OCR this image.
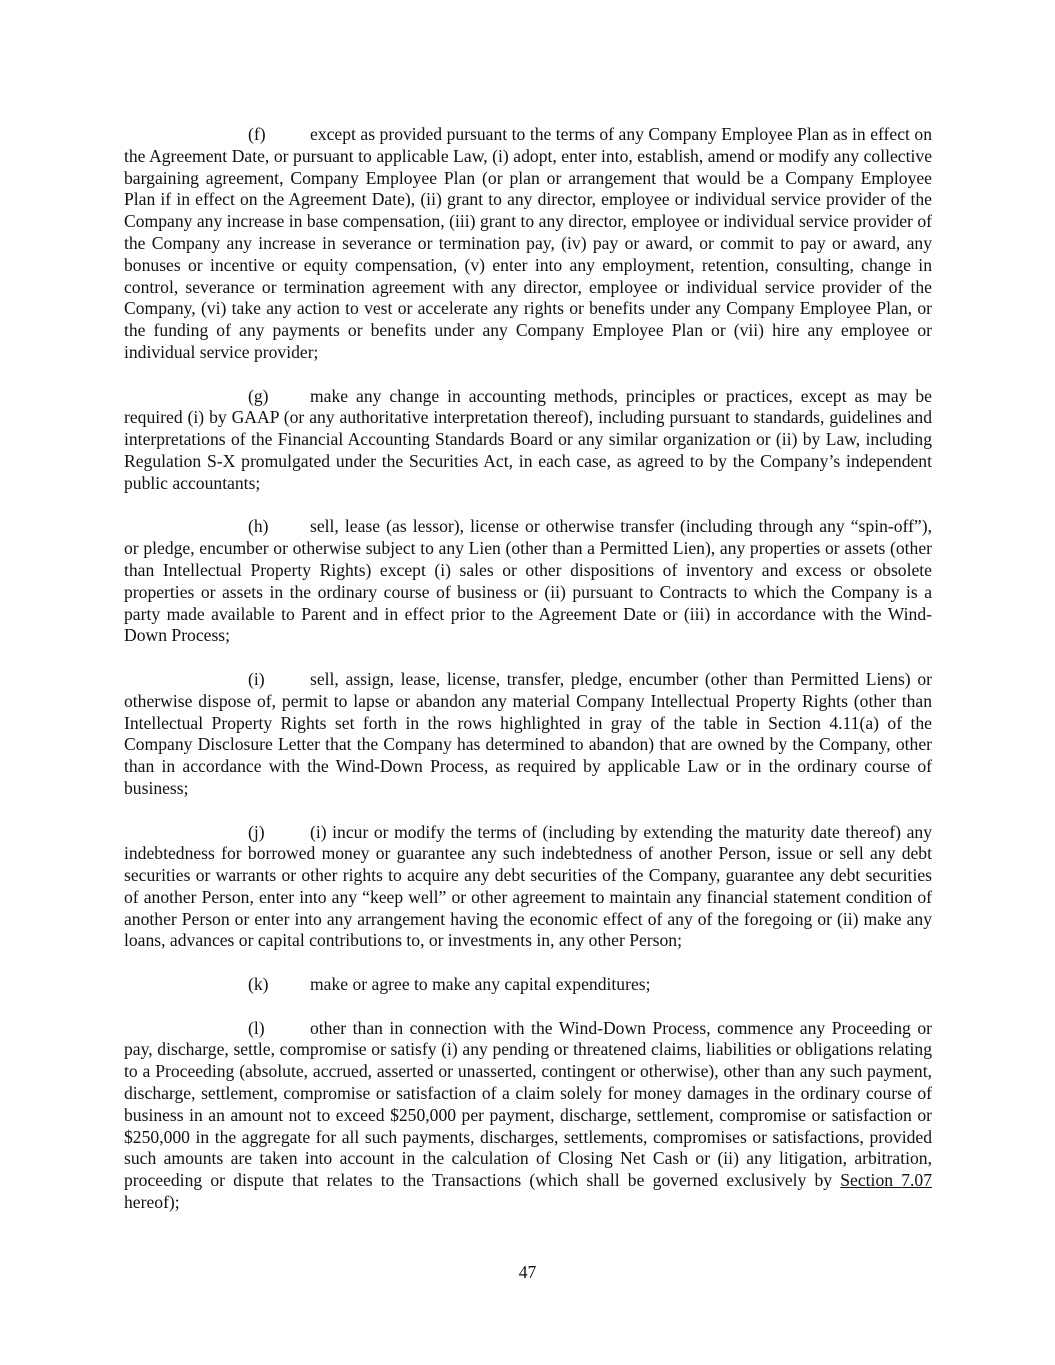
(f)	except as provided pursuant to the terms of any Company Employee Plan as in effect on the Agreement Date, or pursuant to applicable Law, (i) adopt, enter into, establish, amend or modify any collective bargaining agreement, Company Employee Plan (or plan or arrangement that would be a Company Employee Plan if in effect on the Agreement Date), (ii) grant to any director, employee or individual service provider of the Company any increase in base compensation, (iii) grant to any director, employee or individual service provider of the Company any increase in severance or termination pay, (iv) pay or award, or commit to pay or award, any bonuses or incentive or equity compensation, (v) enter into any employment, retention, consulting, change in control, severance or termination agreement with any director, employee or individual service provider of the Company, (vi) take any action to vest or accelerate any rights or benefits under any Company Employee Plan, or the funding of any payments or benefits under any Company Employee Plan or (vii) hire any employee or individual service provider;

(g) make any change in accounting methods, principles or practices, except as may be required (i) by GAAP (or any authoritative interpretation thereof), including pursuant to standards, guidelines and interpretations of the Financial Accounting Standards Board or any similar organization or (ii) by Law, including Regulation S-X promulgated under the Securities Act, in each case, as agreed to by the Company’s independent public accountants;

(h) sell, lease (as lessor), license or otherwise transfer (including through any “spin-off”), or pledge, encumber or otherwise subject to any Lien (other than a Permitted Lien), any properties or assets (other than Intellectual Property Rights) except (i) sales or other dispositions of inventory and excess or obsolete properties or assets in the ordinary course of business or (ii) pursuant to Contracts to which the Company is a party made available to Parent and in effect prior to the Agreement Date or (iii) in accordance with the Wind-Down Process;

(i)	sell, assign, lease, license, transfer, pledge, encumber (other than Permitted Liens) or otherwise dispose of, permit to lapse or abandon any material Company Intellectual Property Rights (other than Intellectual Property Rights set forth in the rows highlighted in gray of the table in Section 4.11(a) of the Company Disclosure Letter that the Company has determined to abandon) that are owned by the Company, other than in accordance with the Wind-Down Process, as required by applicable Law or in the ordinary course of business;

(j)	(i) incur or modify the terms of (including by extending the maturity date thereof) any indebtedness for borrowed money or guarantee any such indebtedness of another Person, issue or sell any debt securities or warrants or other rights to acquire any debt securities of the Company, guarantee any debt securities of another Person, enter into any “keep well” or other agreement to maintain any financial statement condition of another Person or enter into any arrangement having the economic effect of any of the foregoing or (ii) make any loans, advances or capital contributions to, or investments in, any other Person;

(k) make or agree to make any capital expenditures;

(l)	other than in connection with the Wind-Down Process, commence any Proceeding or pay, discharge, settle, compromise or satisfy (i) any pending or threatened claims, liabilities or obligations relating to a Proceeding (absolute, accrued, asserted or unasserted, contingent or otherwise), other than any such payment, discharge, settlement, compromise or satisfaction of a claim solely for money damages in the ordinary course of business in an amount not to exceed $250,000 per payment, discharge, settlement, compromise or satisfaction or $250,000 in the aggregate for all such payments, discharges, settlements, compromises or satisfactions, provided such amounts are taken into account in the calculation of Closing Net Cash or (ii) any litigation, arbitration, proceeding or dispute that relates to the Transactions (which shall be governed exclusively by Section 7.07 hereof);

47
